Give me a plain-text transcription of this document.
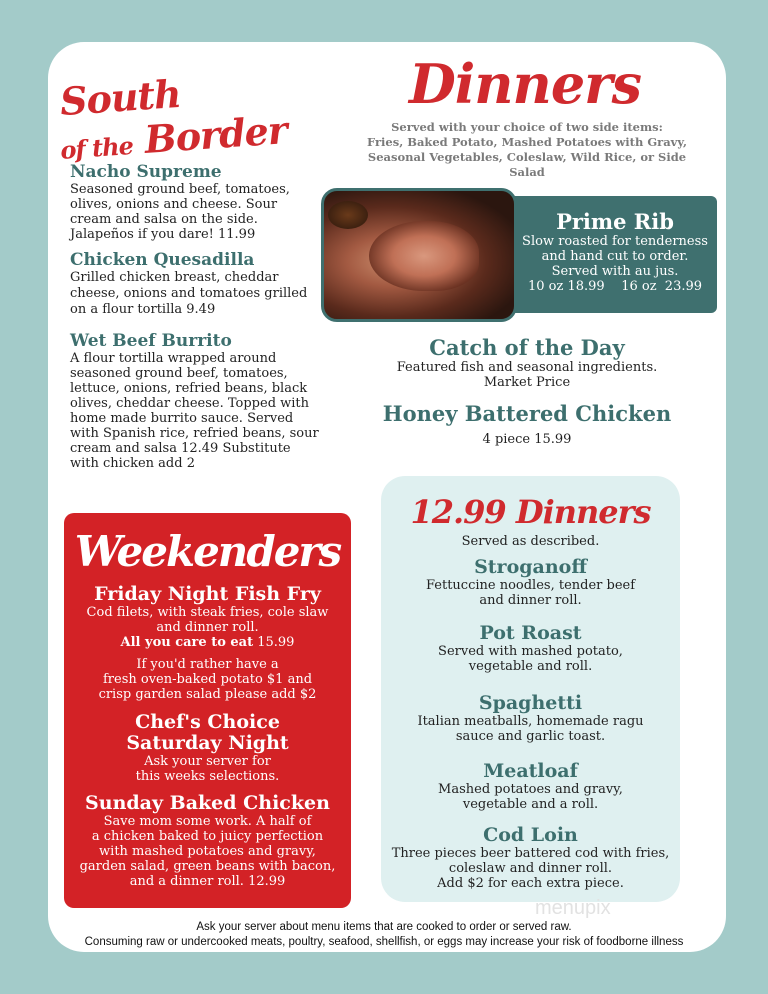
South
of the Border
Nacho Supreme
Seasoned ground beef, tomatoes, olives, onions and cheese. Sour cream and salsa on the side. Jalapeños if you dare! 11.99
Chicken Quesadilla
Grilled chicken breast, cheddar cheese, onions and tomatoes grilled on a flour tortilla 9.49
Wet Beef Burrito
A flour tortilla wrapped around seasoned ground beef, tomatoes, lettuce, onions, refried beans, black olives, cheddar cheese. Topped with home made burrito sauce. Served with Spanish rice, refried beans, sour cream and salsa 12.49 Substitute with chicken add 2
Dinners
Served with your choice of two side items:
Fries, Baked Potato, Mashed Potatoes with Gravy,
Seasonal Vegetables, Coleslaw, Wild Rice, or Side Salad
Prime Rib
Slow roasted for tenderness
and hand cut to order.
Served with au jus.
10 oz 18.99    16 oz  23.99
Catch of the Day
Featured fish and seasonal ingredients.
Market Price
Honey Battered Chicken
4 piece 15.99
Weekenders
Friday Night Fish Fry
Cod filets, with steak fries, cole slaw
and dinner roll.
All you care to eat 15.99
If you'd rather have a
fresh oven-baked potato $1 and
crisp garden salad please add $2
Chef's Choice
Saturday Night
Ask your server for
this weeks selections.
Sunday Baked Chicken
Save mom some work. A half of
a chicken baked to juicy perfection
with mashed potatoes and gravy,
garden salad, green beans with bacon,
and a dinner roll. 12.99
12.99 Dinners
Served as described.
Stroganoff
Fettuccine noodles, tender beef
and dinner roll.
Pot Roast
Served with mashed potato,
vegetable and roll.
Spaghetti
Italian meatballs, homemade ragu
sauce and garlic toast.
Meatloaf
Mashed potatoes and gravy,
vegetable and a roll.
Cod Loin
Three pieces beer battered cod with fries,
coleslaw and dinner roll.
Add $2 for each extra piece.
menupix
Ask your server about menu items that are cooked to order or served raw.
Consuming raw or undercooked meats, poultry, seafood, shellfish, or eggs may increase your risk of foodborne illness
